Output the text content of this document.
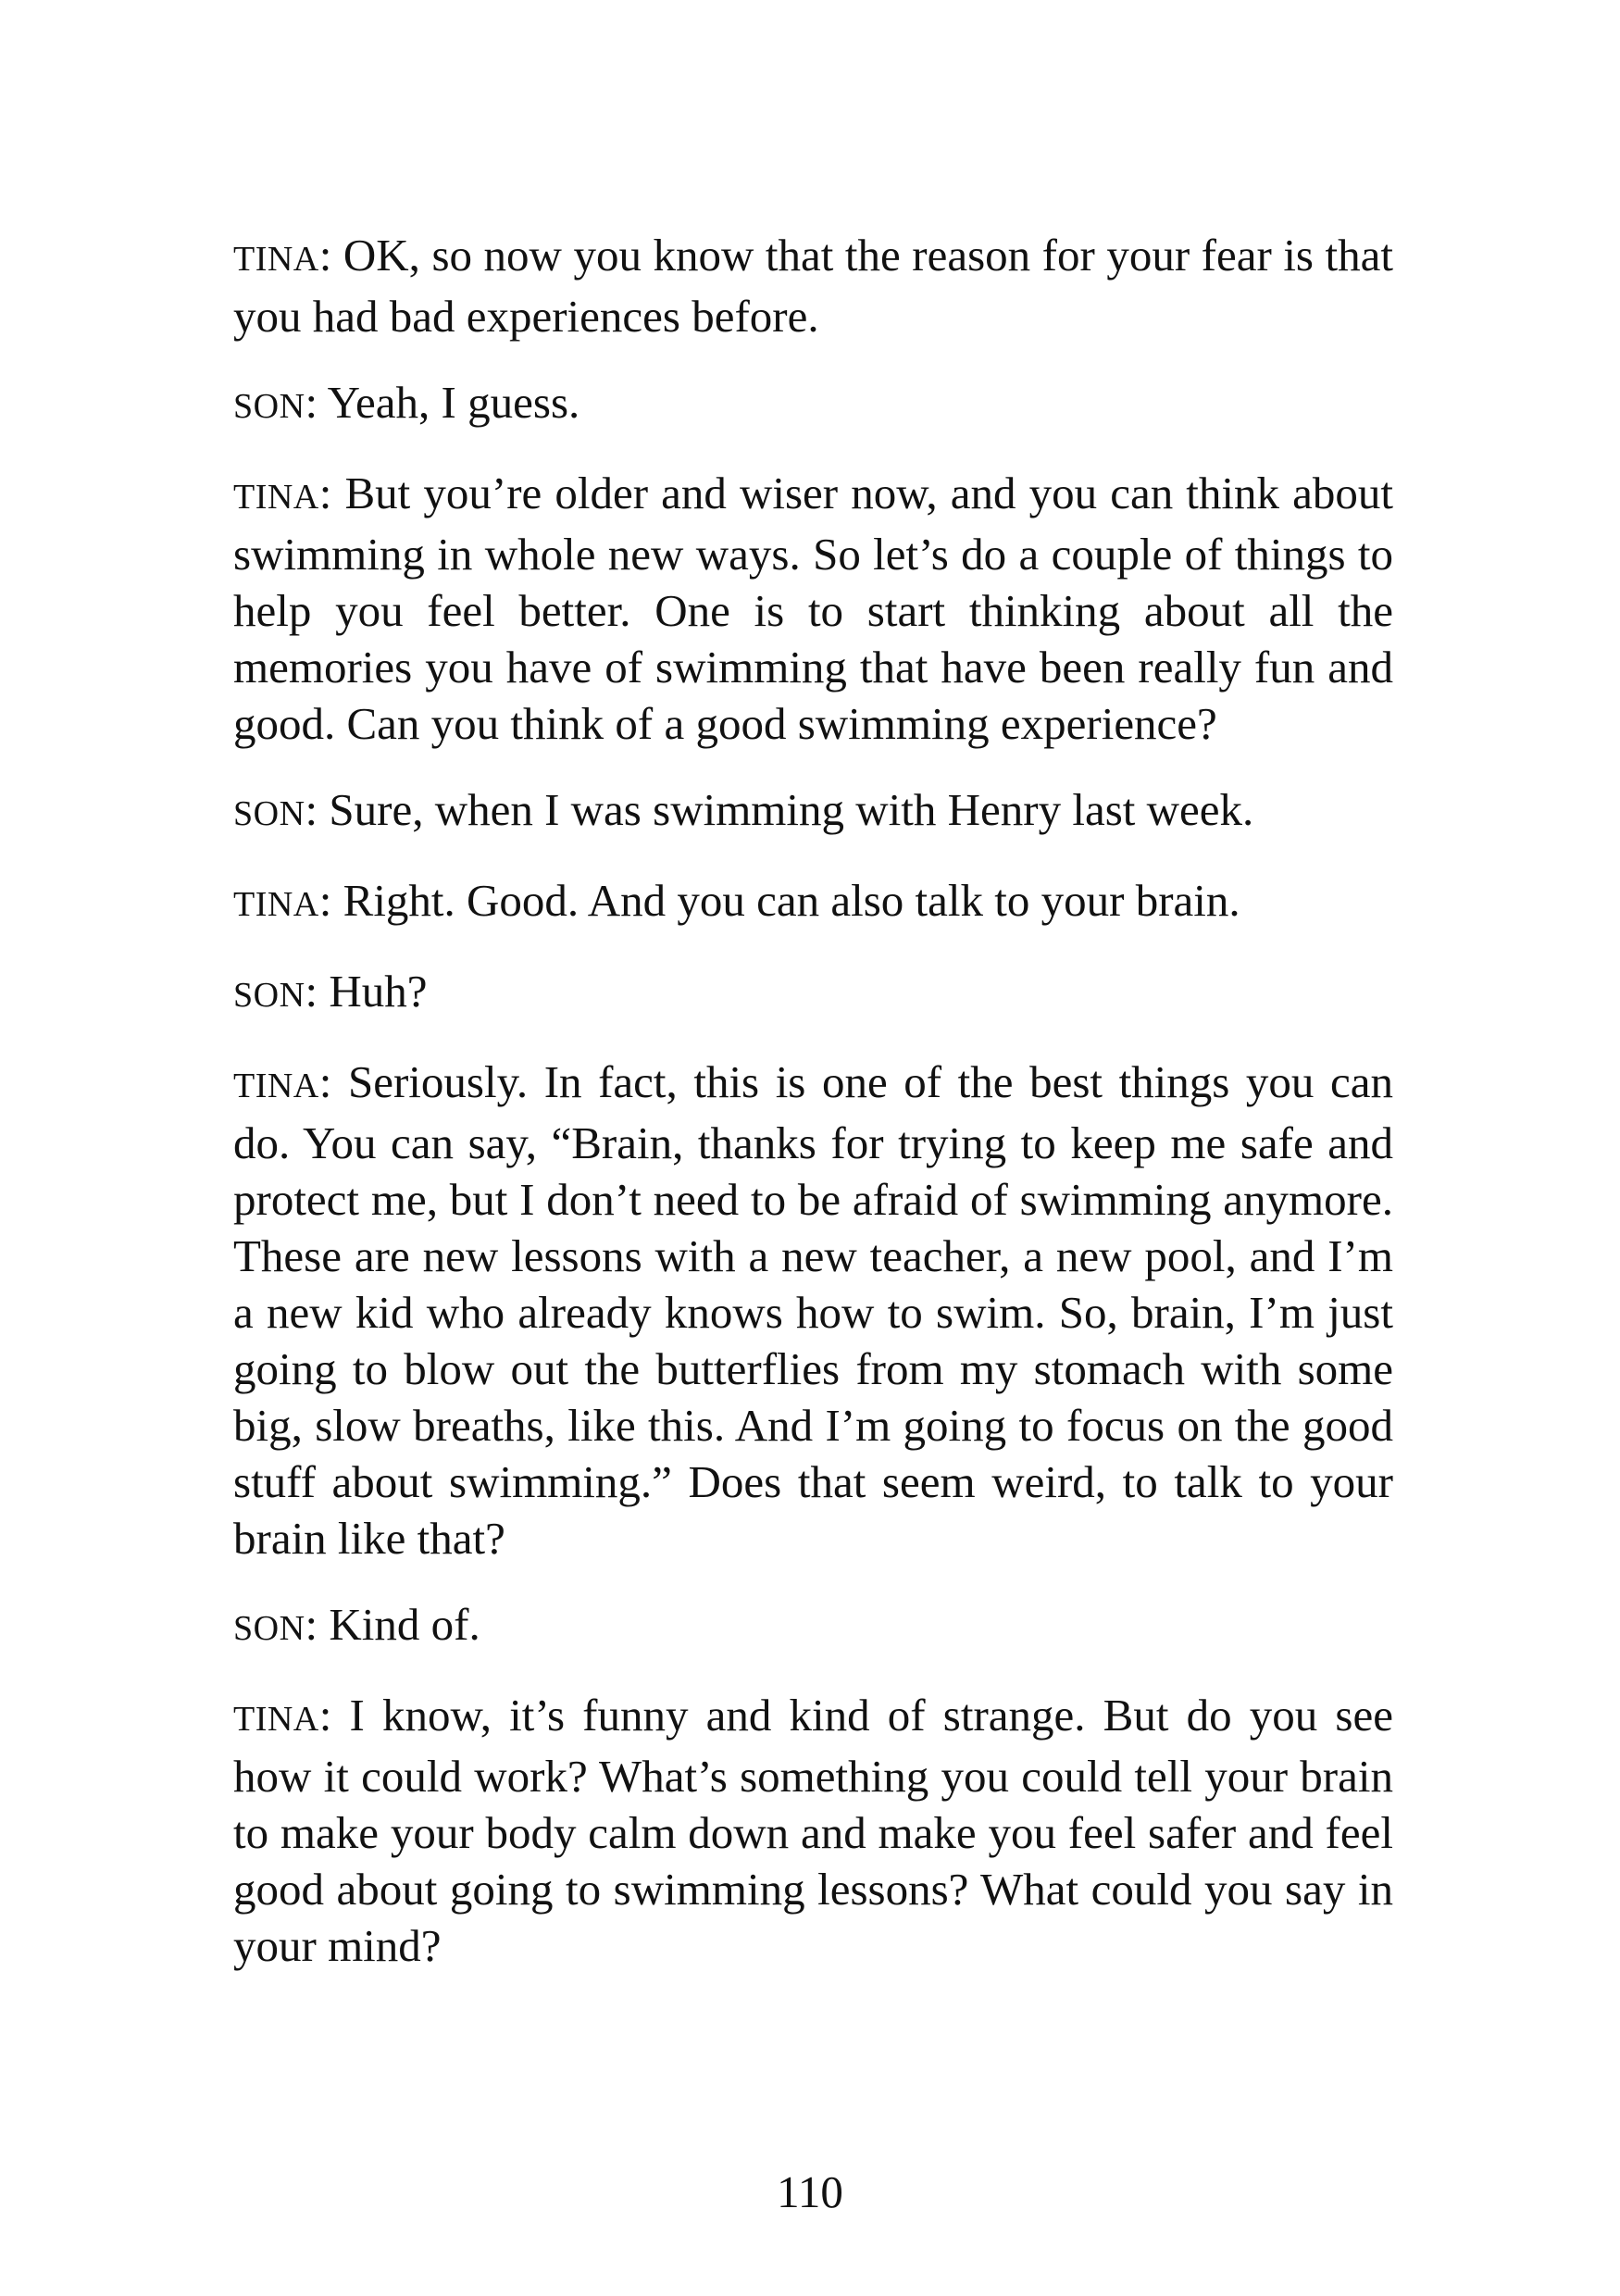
TINA: OK, so now you know that the reason for your fear is that you had bad experiences before.

SON: Yeah, I guess.

TINA: But you’re older and wiser now, and you can think about swimming in whole new ways. So let’s do a couple of things to help you feel better. One is to start thinking about all the memories you have of swimming that have been really fun and good. Can you think of a good swimming experience?

SON: Sure, when I was swimming with Henry last week.

TINA: Right. Good. And you can also talk to your brain.

SON: Huh?

TINA: Seriously. In fact, this is one of the best things you can do. You can say, “Brain, thanks for trying to keep me safe and protect me, but I don’t need to be afraid of swimming anymore. These are new lessons with a new teacher, a new pool, and I’m a new kid who already knows how to swim. So, brain, I’m just going to blow out the butterflies from my stomach with some big, slow breaths, like this. And I’m going to focus on the good stuff about swimming.” Does that seem weird, to talk to your brain like that?

SON: Kind of.

TINA: I know, it’s funny and kind of strange. But do you see how it could work? What’s something you could tell your brain to make your body calm down and make you feel safer and feel good about going to swimming lessons? What could you say in your mind?

110
